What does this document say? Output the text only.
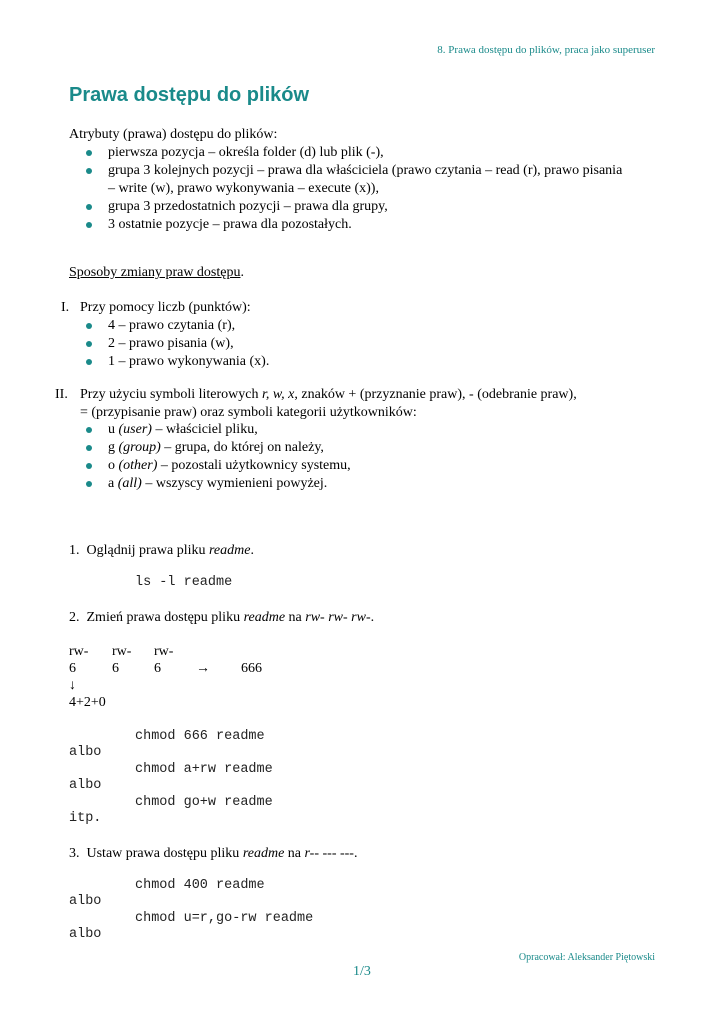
8. Prawa dostępu do plików, praca jako superuser
Prawa dostępu do plików
Atrybuty (prawa) dostępu do plików:
pierwsza pozycja – określa folder (d) lub plik (-),
grupa 3 kolejnych pozycji – prawa dla właściciela (prawo czytania – read (r), prawo pisania
– write (w), prawo wykonywania – execute (x)),
grupa 3 przedostatnich pozycji – prawa dla grupy,
3 ostatnie pozycje – prawa dla pozostałych.
Sposoby zmiany praw dostępu.
I. Przy pomocy liczb (punktów):
4 – prawo czytania (r),
2 – prawo pisania (w),
1 – prawo wykonywania (x).
II. Przy użyciu symboli literowych r, w, x, znaków + (przyznanie praw), - (odebranie praw),
= (przypisanie praw) oraz symboli kategorii użytkowników:
u (user) – właściciel pliku,
g (group) – grupa, do której on należy,
o (other) – pozostali użytkownicy systemu,
a (all) – wszyscy wymienieni powyżej.
1.  Oglądnij prawa pliku readme.
ls -l readme
2.  Zmień prawa dostępu pliku readme na rw- rw- rw-.
rw- rw- rw-
6	6	6	→ 666
↓
4+2+0
chmod 666 readme
albo
chmod a+rw readme
albo
chmod go+w readme
itp.
3.  Ustaw prawa dostępu pliku readme na r-- --- ---.
chmod 400 readme
albo
chmod u=r,go-rw readme
albo
Opracował: Aleksander Piętowski
1/3
